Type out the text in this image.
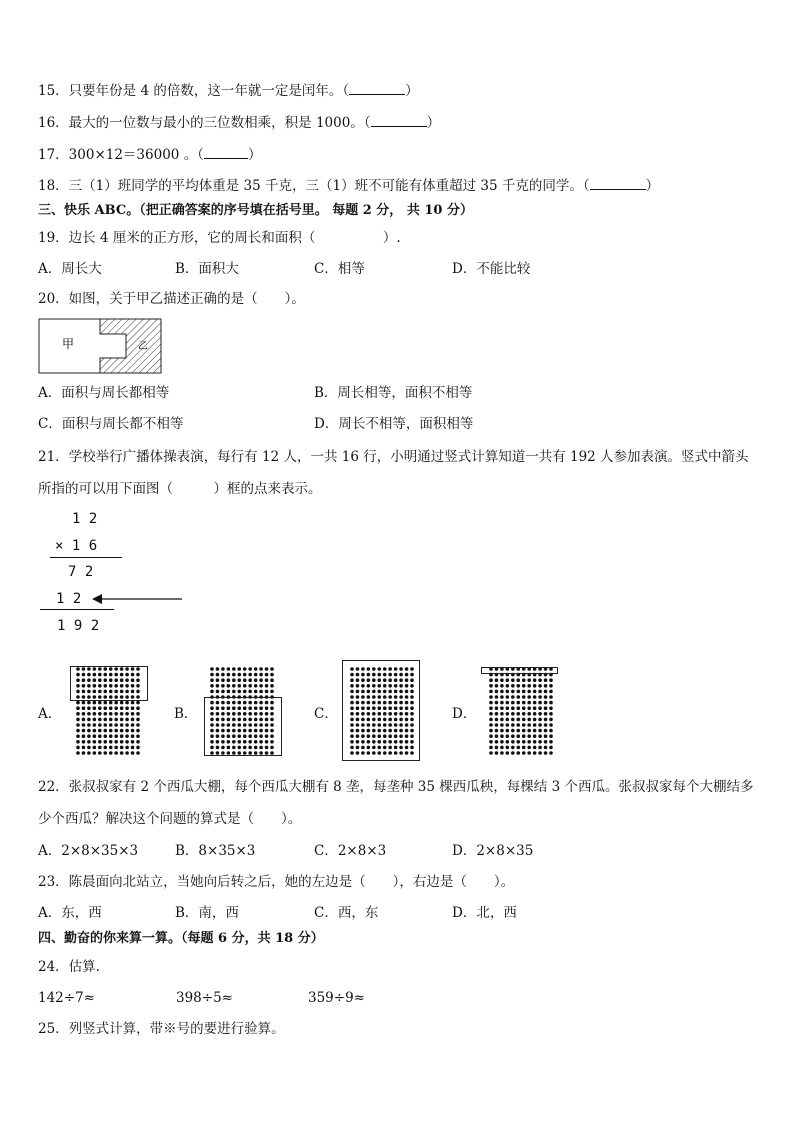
15．只要年份是 4 的倍数，这一年就一定是闰年。（	）
16．最大的一位数与最小的三位数相乘，积是 1000。（	）
17．300×12＝36000 。（	）
18．三（1）班同学的平均体重是 35 千克，三（1）班不可能有体重超过 35 千克的同学。（	）
三、快乐 ABC。（把正确答案的序号填在括号里。 每题 2 分， 共 10 分）
19．边长 4 厘米的正方形，它的周长和面积（　　　　　）.
A．周长大	B．面积大	C．相等	D．不能比较
20．如图，关于甲乙描述正确的是（　　）。
甲	乙
A．面积与周长都相等	B．周长相等，面积不相等
C．面积与周长都不相等	D．周长不相等，面积相等
21．学校举行广播体操表演，每行有 12 人，一共 16 行，小明通过竖式计算知道一共有 192 人参加表演。竖式中箭头
所指的可以用下面图（　　　）框的点来表示。
1 2
× 1 6
7 2
1 2
1 9 2
A．	B．	C．	D．
22．张叔叔家有 2 个西瓜大棚，每个西瓜大棚有 8 垄，每垄种 35 棵西瓜秧，每棵结 3 个西瓜。张叔叔家每个大棚结多
少个西瓜？解决这个问题的算式是（　　）。
A．2×8×35×3	B．8×35×3	C．2×8×3	D．2×8×35
23．陈晨面向北站立，当她向后转之后，她的左边是（　　），右边是（　　）。
A．东，西	B．南，西	C．西，东	D．北，西
四、勤奋的你来算一算。（每题 6 分，共 18 分）
24．估算.
142÷7≈	398÷5≈	359÷9≈
25．列竖式计算，带※号的要进行验算。
